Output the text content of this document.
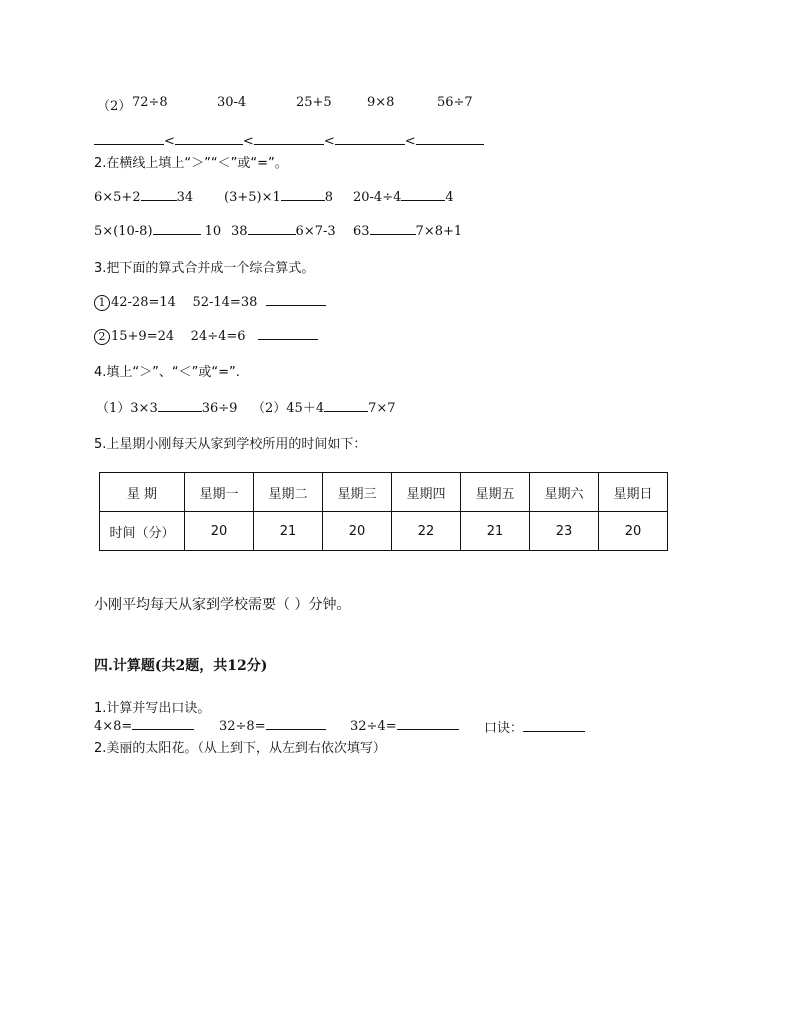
（2） 72÷8	30-4	25+5	9×8	56÷7
<	<	<	<
2.在横线上填上“＞”“＜”或“=”。
6×5+2	34 (3+5)×1	8 20-4÷4	4
5×(10-8)	10 38	6×7-3 63	7×8+1
3.把下面的算式合并成一个综合算式。
1 42-28=14 52-14=38
2 15+9=24 24÷4=6
4.填上“＞”、“＜”或“=”.
（1）3×3	36÷9 （2）45＋4	7×7
5.上星期小刚每天从家到学校所用的时间如下：
星 期	星期一	星期二	星期三	星期四	星期五	星期六	星期日
时间（分）	20	21	20	22	21	23	20
小刚平均每天从家到学校需要（ ）分钟。
四.计算题(共2题，共12分)
1.计算并写出口诀。
4×8=	32÷8=	32÷4=	口诀：
2.美丽的太阳花。（从上到下，从左到右依次填写）
